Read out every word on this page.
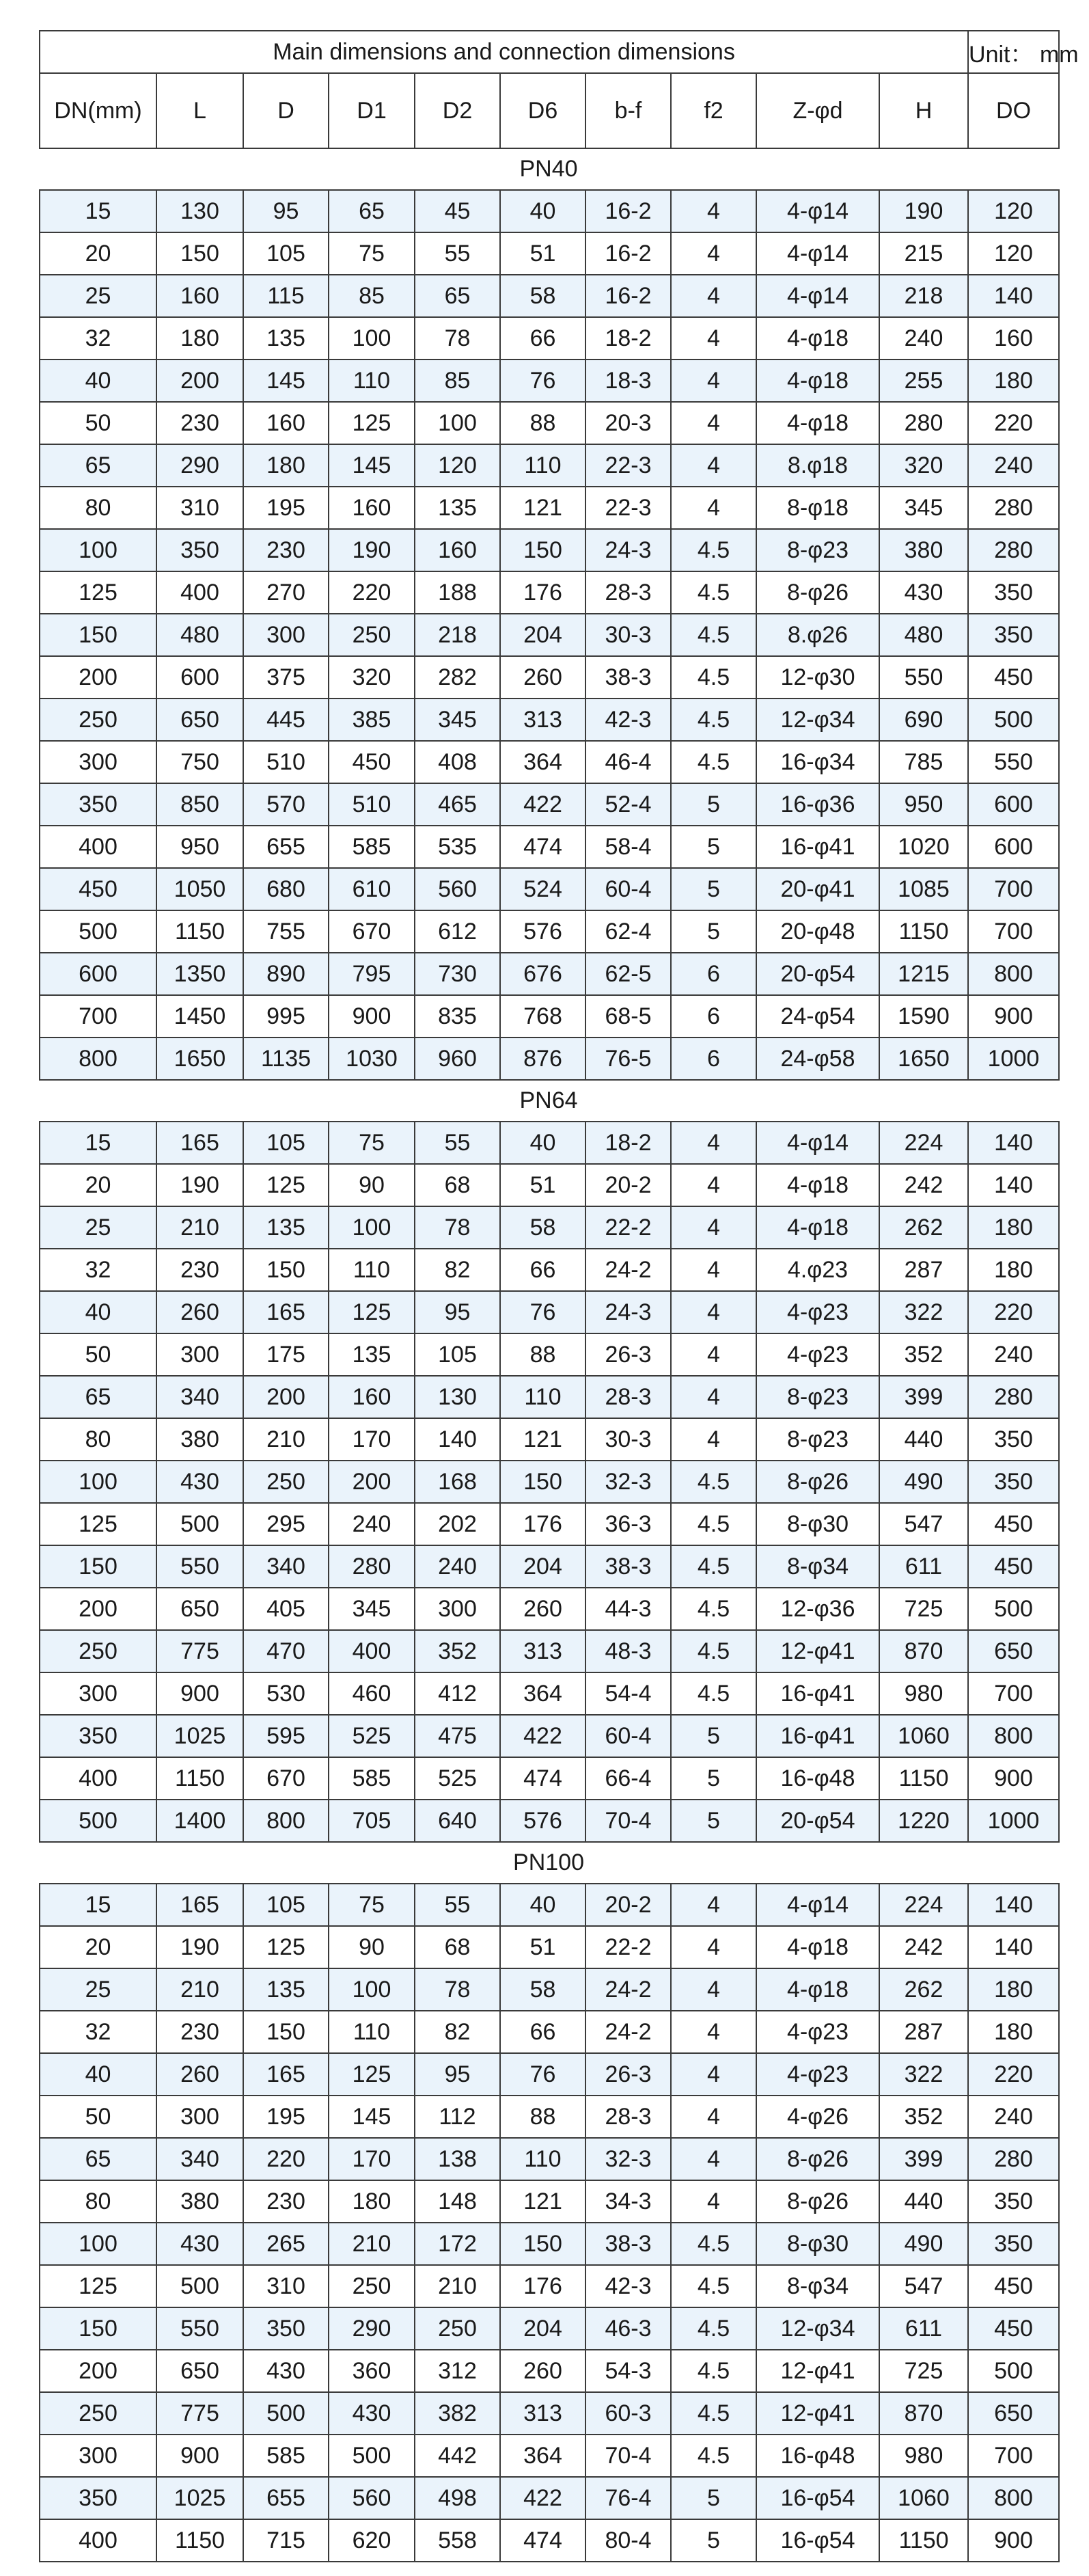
Main dimensions and connection dimensions										Unit： mm
DN(mm)	L	D	D1	D2	D6	b-f	f2	Z-φd	H	DO
PN40
15	130	95	65	45	40	16-2	4	4-φ14	190	120
20	150	105	75	55	51	16-2	4	4-φ14	215	120
25	160	115	85	65	58	16-2	4	4-φ14	218	140
32	180	135	100	78	66	18-2	4	4-φ18	240	160
40	200	145	110	85	76	18-3	4	4-φ18	255	180
50	230	160	125	100	88	20-3	4	4-φ18	280	220
65	290	180	145	120	110	22-3	4	8.φ18	320	240
80	310	195	160	135	121	22-3	4	8-φ18	345	280
100	350	230	190	160	150	24-3	4.5	8-φ23	380	280
125	400	270	220	188	176	28-3	4.5	8-φ26	430	350
150	480	300	250	218	204	30-3	4.5	8.φ26	480	350
200	600	375	320	282	260	38-3	4.5	12-φ30	550	450
250	650	445	385	345	313	42-3	4.5	12-φ34	690	500
300	750	510	450	408	364	46-4	4.5	16-φ34	785	550
350	850	570	510	465	422	52-4	5	16-φ36	950	600
400	950	655	585	535	474	58-4	5	16-φ41	1020	600
450	1050	680	610	560	524	60-4	5	20-φ41	1085	700
500	1150	755	670	612	576	62-4	5	20-φ48	1150	700
600	1350	890	795	730	676	62-5	6	20-φ54	1215	800
700	1450	995	900	835	768	68-5	6	24-φ54	1590	900
800	1650	1135	1030	960	876	76-5	6	24-φ58	1650	1000
PN64
15	165	105	75	55	40	18-2	4	4-φ14	224	140
20	190	125	90	68	51	20-2	4	4-φ18	242	140
25	210	135	100	78	58	22-2	4	4-φ18	262	180
32	230	150	110	82	66	24-2	4	4.φ23	287	180
40	260	165	125	95	76	24-3	4	4-φ23	322	220
50	300	175	135	105	88	26-3	4	4-φ23	352	240
65	340	200	160	130	110	28-3	4	8-φ23	399	280
80	380	210	170	140	121	30-3	4	8-φ23	440	350
100	430	250	200	168	150	32-3	4.5	8-φ26	490	350
125	500	295	240	202	176	36-3	4.5	8-φ30	547	450
150	550	340	280	240	204	38-3	4.5	8-φ34	611	450
200	650	405	345	300	260	44-3	4.5	12-φ36	725	500
250	775	470	400	352	313	48-3	4.5	12-φ41	870	650
300	900	530	460	412	364	54-4	4.5	16-φ41	980	700
350	1025	595	525	475	422	60-4	5	16-φ41	1060	800
400	1150	670	585	525	474	66-4	5	16-φ48	1150	900
500	1400	800	705	640	576	70-4	5	20-φ54	1220	1000
PN100
15	165	105	75	55	40	20-2	4	4-φ14	224	140
20	190	125	90	68	51	22-2	4	4-φ18	242	140
25	210	135	100	78	58	24-2	4	4-φ18	262	180
32	230	150	110	82	66	24-2	4	4-φ23	287	180
40	260	165	125	95	76	26-3	4	4-φ23	322	220
50	300	195	145	112	88	28-3	4	4-φ26	352	240
65	340	220	170	138	110	32-3	4	8-φ26	399	280
80	380	230	180	148	121	34-3	4	8-φ26	440	350
100	430	265	210	172	150	38-3	4.5	8-φ30	490	350
125	500	310	250	210	176	42-3	4.5	8-φ34	547	450
150	550	350	290	250	204	46-3	4.5	12-φ34	611	450
200	650	430	360	312	260	54-3	4.5	12-φ41	725	500
250	775	500	430	382	313	60-3	4.5	12-φ41	870	650
300	900	585	500	442	364	70-4	4.5	16-φ48	980	700
350	1025	655	560	498	422	76-4	5	16-φ54	1060	800
400	1150	715	620	558	474	80-4	5	16-φ54	1150	900
